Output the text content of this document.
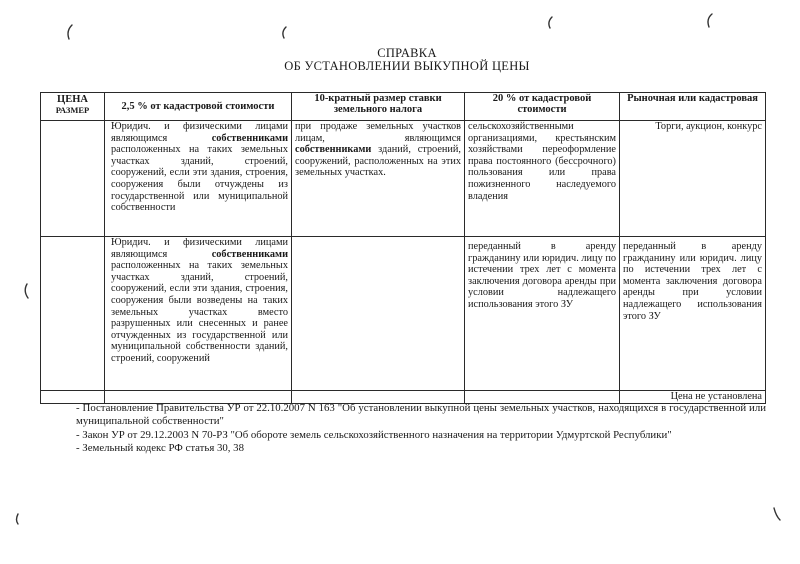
СПРАВКА
ОБ УСТАНОВЛЕНИИ ВЫКУПНОЙ ЦЕНЫ
ЦЕНА
РАЗМЕР	2,5 % от кадастровой стоимости	10-кратный размер ставки земельного налога	20 % от кадастровой стоимости	Рыночная или кадастровая
	Юридич. и физическими лицами являющимся собственниками расположенных на таких земельных участках зданий, строений, сооружений, если эти здания, строения, сооружения были отчуждены из государственной или муниципальной собственности	при продаже земельных участков лицам, являющимся собственниками зданий, строений, сооружений, расположенных на этих земельных участках.	сельскохозяйственными организациями, крестьянским хозяйствами переоформление права постоянного (бессрочного) пользования или права пожизненного наследуемого владения	Торги, аукцион, конкурс
	Юридич. и физическими лицами являющимся собственниками расположенных на таких земельных участках зданий, строений, сооружений, если эти здания, строения, сооружения были возведены на таких земельных участках вместо разрушенных или снесенных и ранее отчужденных из государственной или муниципальной собственности зданий, строений, сооружений		переданный в аренду гражданину или юридич. лицу по истечении трех лет с момента заключения договора аренды при условии надлежащего использования этого ЗУ	переданный в аренду гражданину или юридич. лицу по истечении трех лет с момента заключения договора аренды при условии надлежащего использования этого ЗУ
				Цена не установлена

- Постановление Правительства УР от 22.10.2007 N 163 "Об установлении выкупной цены земельных участков, находящихся в государственной или муниципальной собственности"

- Закон УР от 29.12.2003 N 70-РЗ "Об обороте земель сельскохозяйственного назначения на территории Удмуртской Республики"

- Земельный кодекс РФ статья 30, 38
